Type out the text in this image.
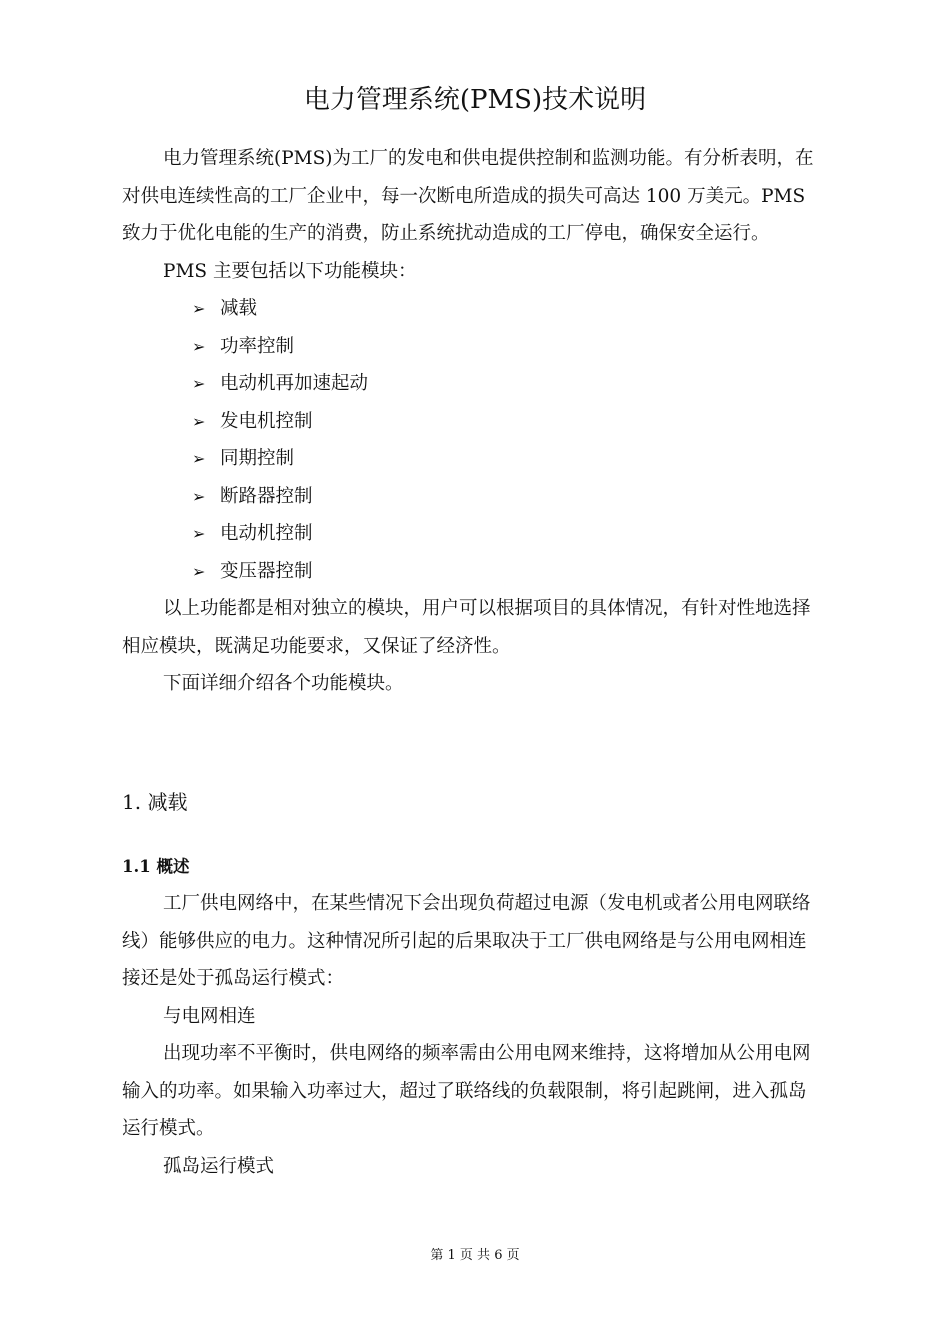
电力管理系统(PMS)技术说明

电力管理系统(PMS)为工厂的发电和供电提供控制和监测功能。有分析表明，在对供电连续性高的工厂企业中，每一次断电所造成的损失可高达 100 万美元。PMS 致力于优化电能的生产的消费，防止系统扰动造成的工厂停电，确保安全运行。

PMS 主要包括以下功能模块：

➢ 减载
➢ 功率控制
➢ 电动机再加速起动
➢ 发电机控制
➢ 同期控制
➢ 断路器控制
➢ 电动机控制
➢ 变压器控制

以上功能都是相对独立的模块，用户可以根据项目的具体情况，有针对性地选择相应模块，既满足功能要求，又保证了经济性。

下面详细介绍各个功能模块。

1. 减载
1.1 概述

工厂供电网络中，在某些情况下会出现负荷超过电源（发电机或者公用电网联络线）能够供应的电力。这种情况所引起的后果取决于工厂供电网络是与公用电网相连接还是处于孤岛运行模式：

与电网相连

出现功率不平衡时，供电网络的频率需由公用电网来维持，这将增加从公用电网输入的功率。如果输入功率过大，超过了联络线的负载限制，将引起跳闸，进入孤岛运行模式。

孤岛运行模式

第 1 页 共 6 页
